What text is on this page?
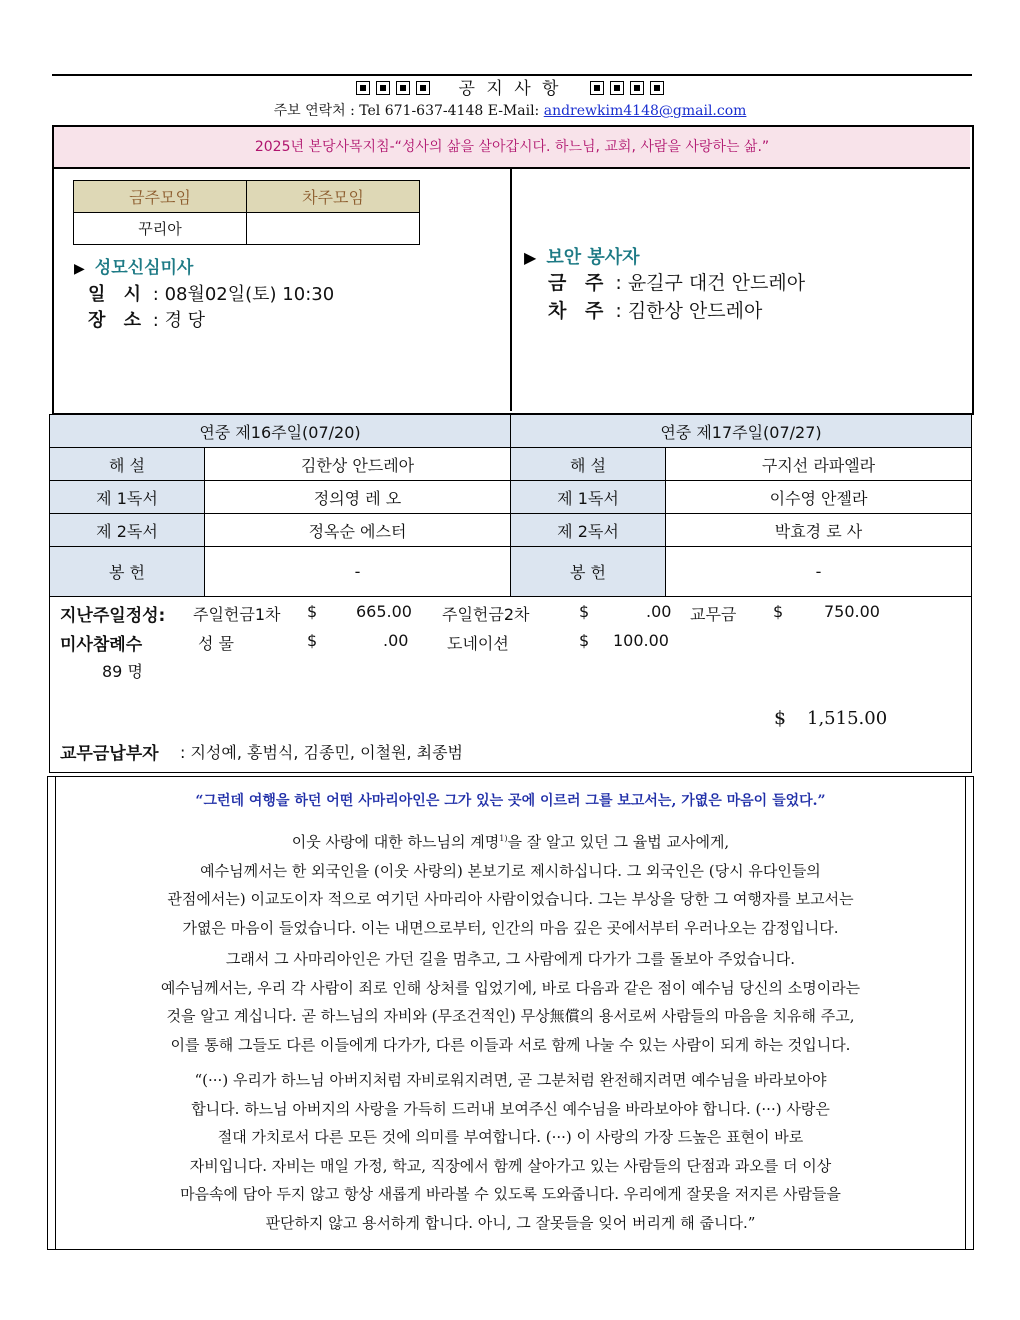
공 지 사 항
주보 연락처 : Tel 671-637-4148 E-Mail: andrewkim4148@gmail.com
2025년 본당사목지침-“성사의 삶을 살아갑시다. 하느님, 교회, 사람을 사랑하는 삶.”
금주모임	차주모임
꾸리아	
▶ 성모신심미사
일 시 : 08월02일(토) 10:30
장 소 : 경 당
▶ 보안 봉사자
금 주 : 윤길구 대건 안드레아
차 주 : 김한상 안드레아
연중 제16주일(07/20)		연중 제17주일(07/27)	
해 설	김한상 안드레아	해 설	구지선 라파엘라
제 1독서	정의영 레 오	제 1독서	이수영 안젤라
제 2독서	정옥순 에스터	제 2독서	박효경 로 사
봉 헌	-	봉 헌	-
지난주일정성: 주일헌금1차 $ 665.00 주일헌금2차	$	.00 교무금 $	750.00
미사참례수	성 물	$	.00 도네이션	$ 100.00
89 명
$ 1,515.00
교무금납부자 : 지성예, 홍범식, 김종민, 이철원, 최종범
“그런데 여행을 하던 어떤 사마리아인은 그가 있는 곳에 이르러 그를 보고서는, 가엾은 마음이 들었다.”
이웃 사랑에 대한 하느님의 계명$^{1)}$을 잘 알고 있던 그 율법 교사에게,
예수님께서는 한 외국인을 (이웃 사랑의) 본보기로 제시하십니다. 그 외국인은 (당시 유다인들의
관점에서는) 이교도이자 적으로 여기던 사마리아 사람이었습니다. 그는 부상을 당한 그 여행자를 보고서는
가엾은 마음이 들었습니다. 이는 내면으로부터, 인간의 마음 깊은 곳에서부터 우러나오는 감정입니다.
그래서 그 사마리아인은 가던 길을 멈추고, 그 사람에게 다가가 그를 돌보아 주었습니다.
예수님께서는, 우리 각 사람이 죄로 인해 상처를 입었기에, 바로 다음과 같은 점이 예수님 당신의 소명이라는
것을 알고 계십니다. 곧 하느님의 자비와 (무조건적인) 무상無償의 용서로써 사람들의 마음을 치유해 주고,
이를 통해 그들도 다른 이들에게 다가가, 다른 이들과 서로 함께 나눌 수 있는 사람이 되게 하는 것입니다.
“(···) 우리가 하느님 아버지처럼 자비로워지려면, 곧 그분처럼 완전해지려면 예수님을 바라보아야
합니다. 하느님 아버지의 사랑을 가득히 드러내 보여주신 예수님을 바라보아야 합니다. (···) 사랑은
절대 가치로서 다른 모든 것에 의미를 부여합니다. (···) 이 사랑의 가장 드높은 표현이 바로
자비입니다. 자비는 매일 가정, 학교, 직장에서 함께 살아가고 있는 사람들의 단점과 과오를 더 이상
마음속에 담아 두지 않고 항상 새롭게 바라볼 수 있도록 도와줍니다. 우리에게 잘못을 저지른 사람들을
판단하지 않고 용서하게 합니다. 아니, 그 잘못들을 잊어 버리게 해 줍니다.”
